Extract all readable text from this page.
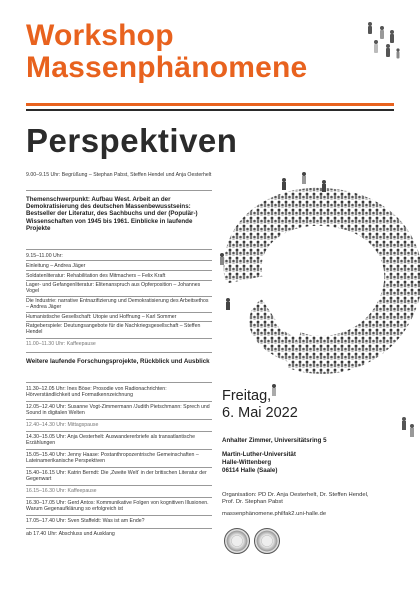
Workshop
Massenphänomene
Perspektiven
9.00–9.15 Uhr: Begrüßung – Stephan Pabst, Steffen Hendel und Anja Oesterhelt
Themenschwerpunkt: Aufbau West. Arbeit an der Demokratisierung des deutschen Massenbewusstseins: Bestseller der Literatur, des Sachbuchs und der (Populär-) Wissenschaften von 1945 bis 1961. Einblicke in laufende Projekte
9.15–11.00 Uhr:
Einleitung – Andrea Jäger
Soldatenliteratur: Rehabilitation des Mitmachers – Felix Kraft
Lager- und Gefangenliteratur: Elitenanspruch aus Opferposition – Johannes Vogel
Die Industrie: narrative Entnazifizierung und Demokratisierung des Arbeitsethos – Andrea Jäger
Humanistische Gesellschaft: Utopie und Hoffnung – Karl Sommer
Ratgeberspiele: Deutungsangebote für die Nachkriegsgesellschaft – Steffen Hendel
11.00–11.30 Uhr: Kaffeepause
Weitere laufende Forschungsprojekte, Rückblick und Ausblick
11.30–12.05 Uhr: Ines Böse: Prosodie von Radionachrichten: Hörverständlichkeit und Formatkennzeichnung
12.05–12.40 Uhr: Susanne Vogt-Zimmermann /Judith Pietschmann: Sprech und Sound in digitalen Welten
12.40–14.30 Uhr: Mittagspause
14.30–15.05 Uhr: Anja Oesterhelt: Auswandererbriefe als transatlantische Erzählungen
15.05–15.40 Uhr: Jenny Haase: Postanthropozentrische Gemeinschaften – Lateinamerikanische Perspektiven
15.40–16.15 Uhr: Katrin Berndt: Die ‚Zweite Welt‘ in der britischen Literatur der Gegenwart
16.15–16.30 Uhr: Kaffeepause
16.30–17.05 Uhr: Gerd Antos: Kommunikative Folgen von kognitiven Illusionen. Warum Gegenaufklärung so erfolgreich ist
17.05–17.40 Uhr: Sven Staffeldt: Was ist am Ende?
ab 17.40 Uhr: Abschluss und Ausklang
Freitag,
6. Mai 2022
Anhalter Zimmer, Universitätsring 5
Martin-Luther-Universität
Halle-Wittenberg
06114 Halle (Saale)
Organisation: PD Dr. Anja Oesterhelt, Dr. Steffen Hendel,
Prof. Dr. Stephan Pabst
massenphänomene.philfak2.uni-halle.de
